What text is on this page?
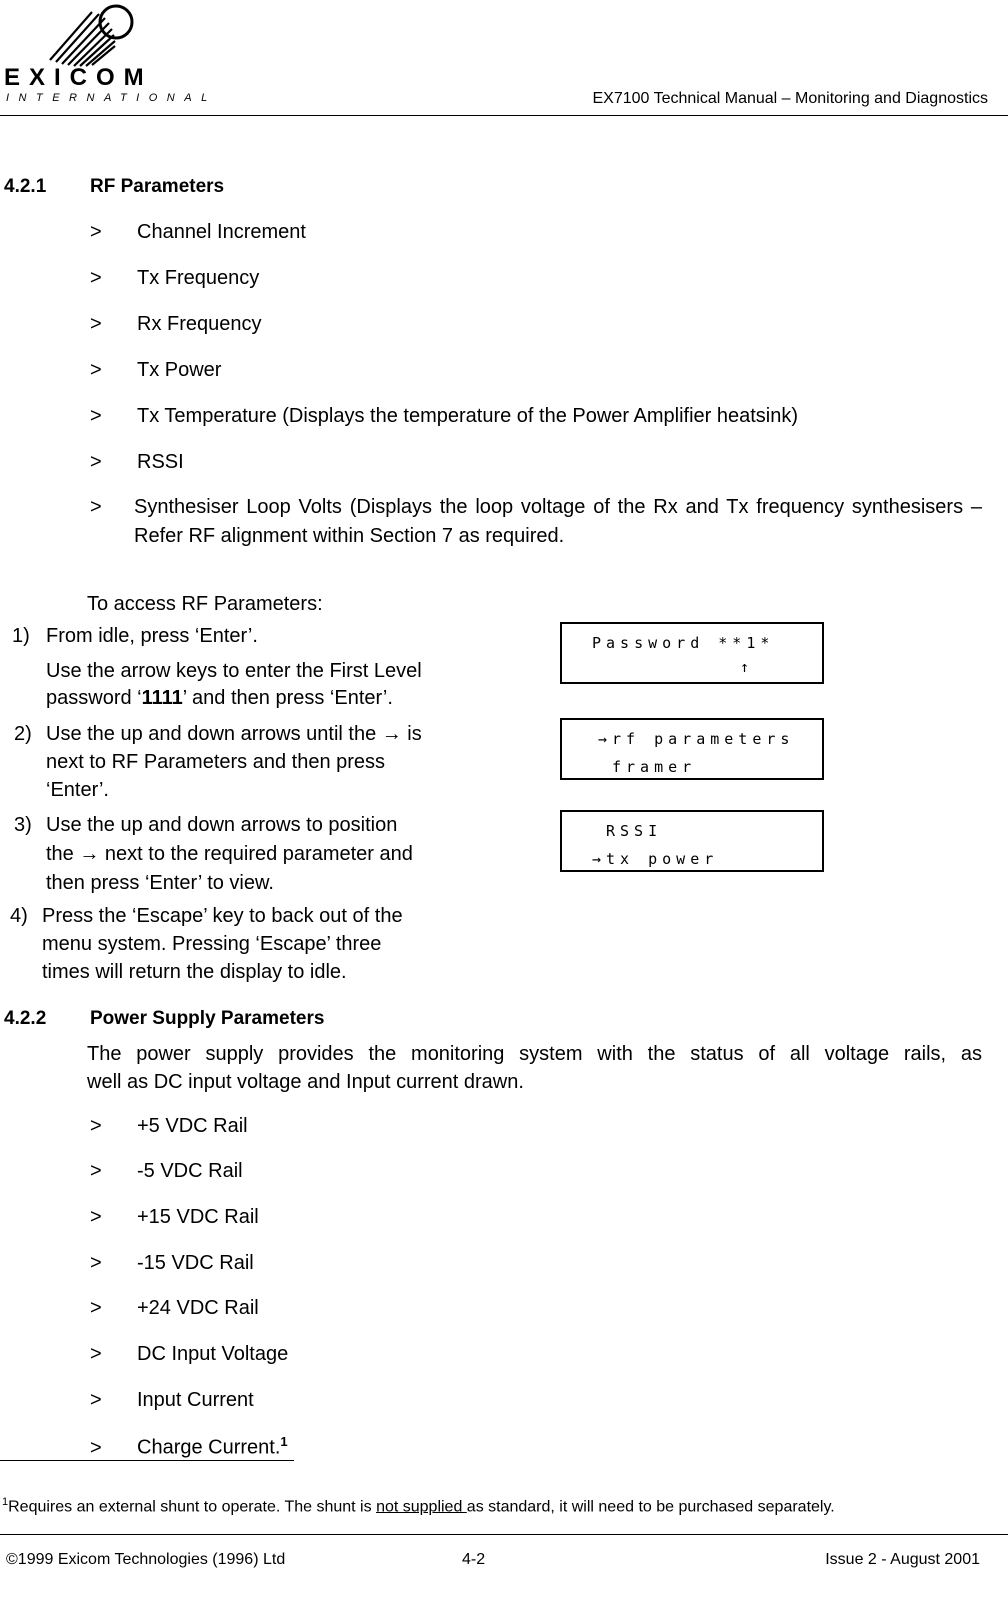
EXICOM
INTERNATIONAL	EX7100 Technical Manual – Monitoring and Diagnostics
4.2.1 RF Parameters
> Channel Increment
> Tx Frequency
> Rx Frequency
> Tx Power
> Tx Temperature (Displays the temperature of the Power Amplifier heatsink)
> RSSI
> Synthesiser Loop Volts (Displays the loop voltage of the Rx and Tx frequency synthesisers – Refer RF alignment within Section 7 as required.
To access RF Parameters:
1) From idle, press ‘Enter’.
Use the arrow keys to enter the First Level
password ‘1111’ and then press ‘Enter’.
2) Use the up and down arrows until the → is
next to RF Parameters and then press
‘Enter’.
3) Use the up and down arrows to position
the → next to the required parameter and
then press ‘Enter’ to view.
4) Press the ‘Escape’ key to back out of the
menu system. Pressing ‘Escape’ three
times will return the display to idle.
Password **1*
↑
→rf parameters
framer
RSSI
→tx power
4.2.2 Power Supply Parameters
The power supply provides the monitoring system with the status of all voltage rails, as
well as DC input voltage and Input current drawn.
> +5 VDC Rail
> -5 VDC Rail
> +15 VDC Rail
> -15 VDC Rail
> +24 VDC Rail
> DC Input Voltage
> Input Current
> Charge Current.$^1$
$^1$Requires an external shunt to operate. The shunt is not supplied as standard, it will need to be purchased separately.
©1999 Exicom Technologies (1996) Ltd	4-2	Issue 2 - August 2001
